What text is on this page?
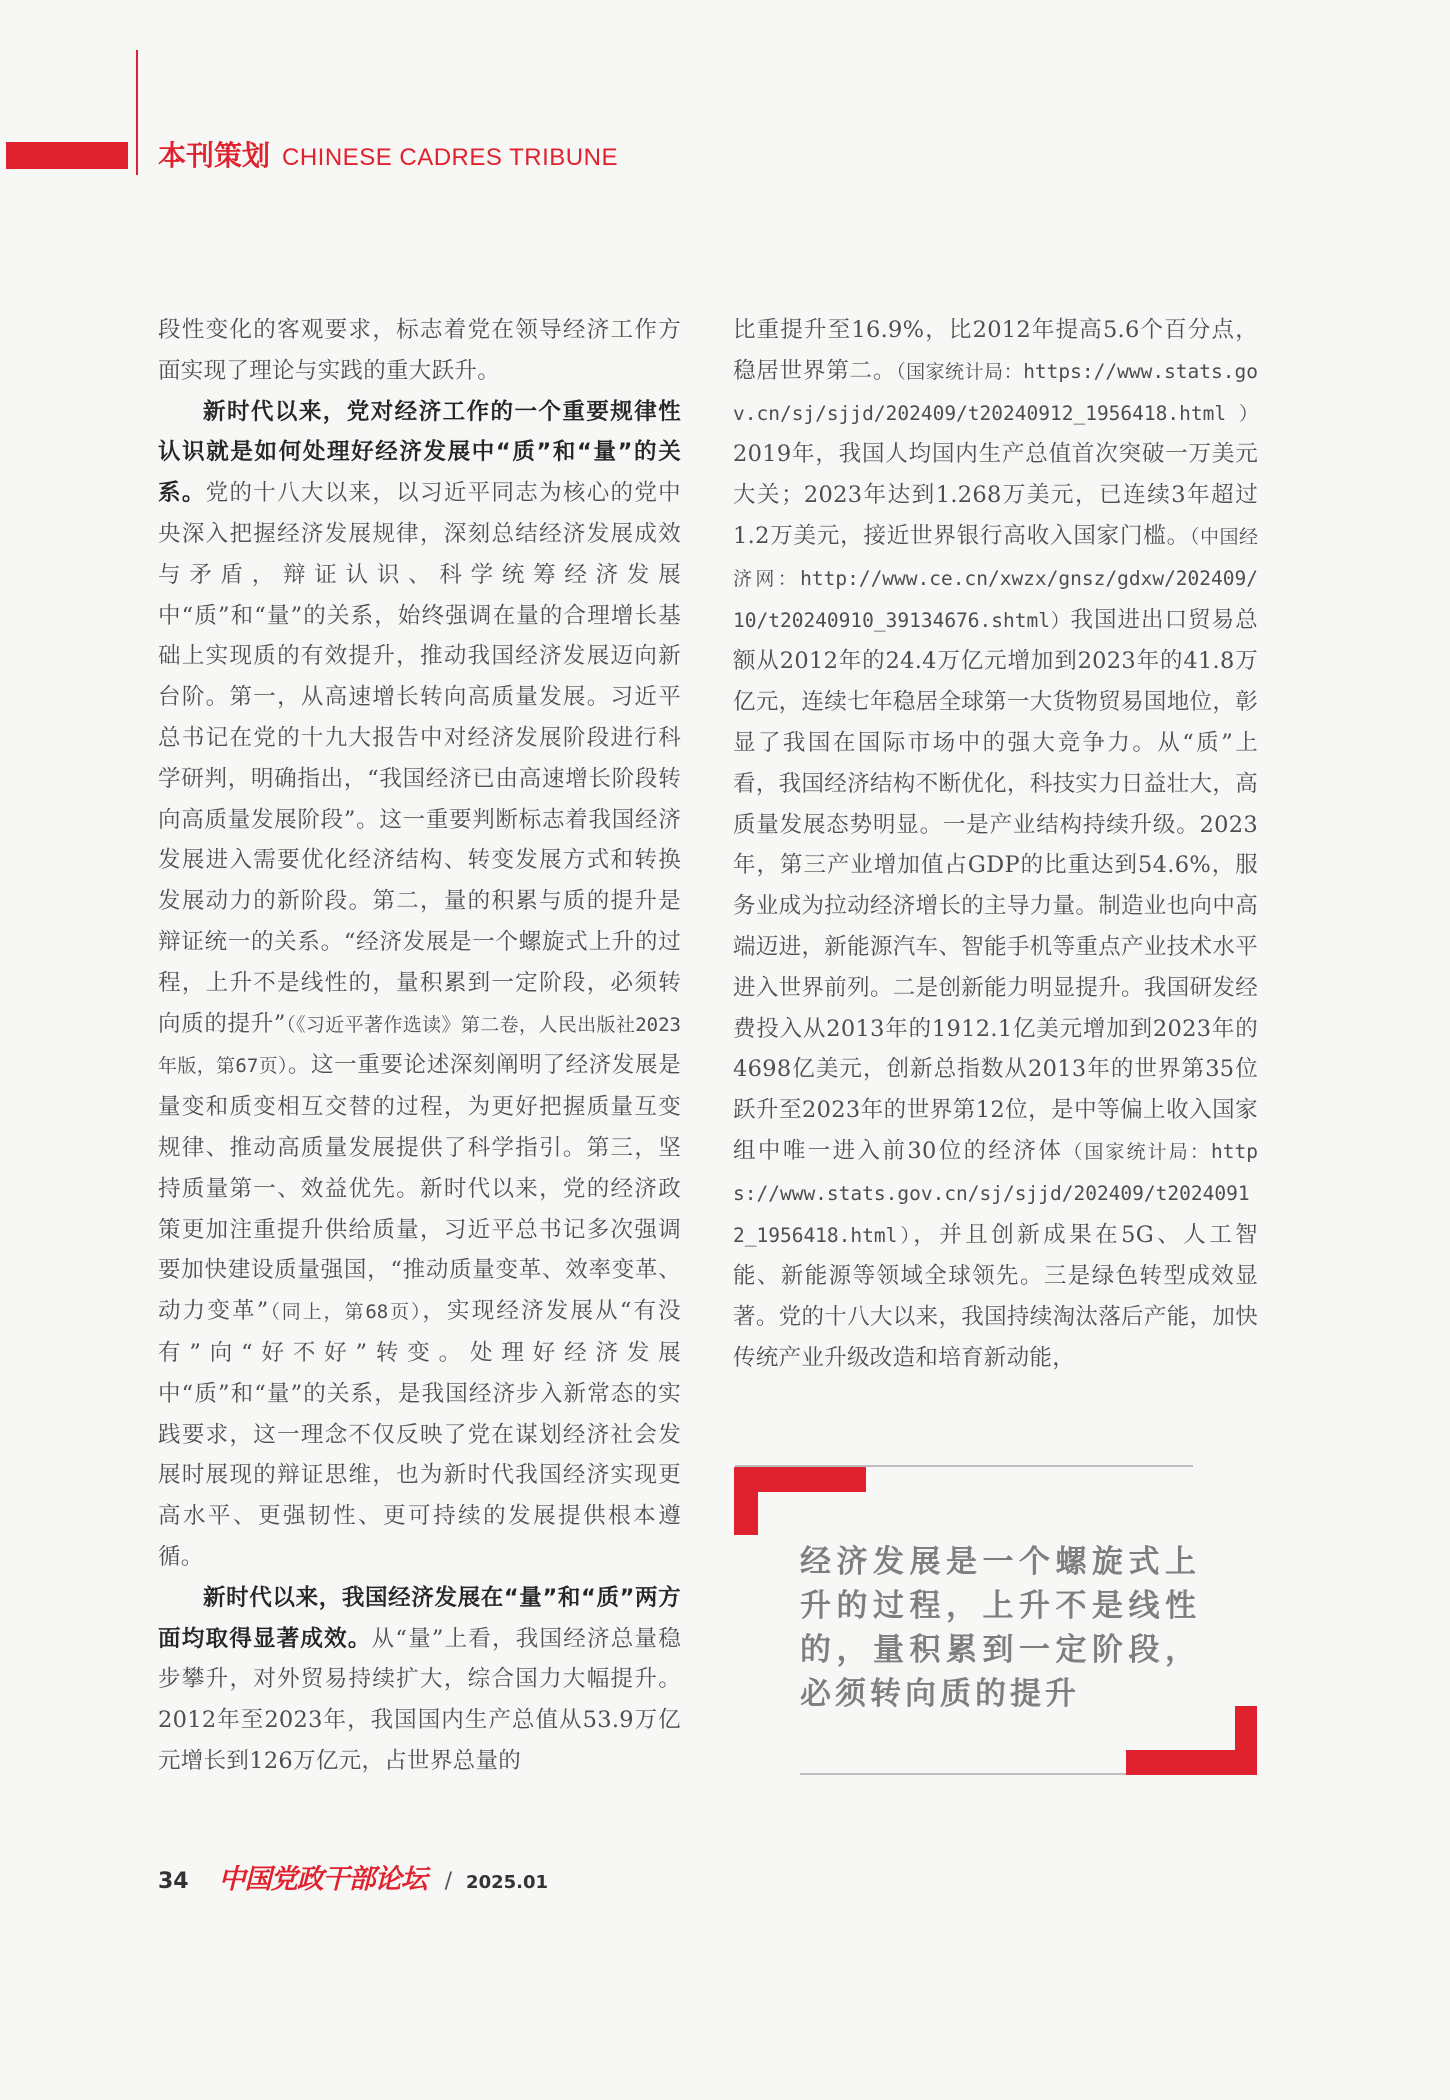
本刊策划 CHINESE CADRES TRIBUNE

段性变化的客观要求，标志着党在领导经济工作方面实现了理论与实践的重大跃升。

新时代以来，党对经济工作的一个重要规律性认识就是如何处理好经济发展中“质”和“量”的关系。党的十八大以来，以习近平同志为核心的党中央深入把握经济发展规律，深刻总结经济发展成效与矛盾，辩证认识、科学统筹经济发展中“质”和“量”的关系，始终强调在量的合理增长基础上实现质的有效提升，推动我国经济发展迈向新台阶。第一，从高速增长转向高质量发展。习近平总书记在党的十九大报告中对经济发展阶段进行科学研判，明确指出，“我国经济已由高速增长阶段转向高质量发展阶段”。这一重要判断标志着我国经济发展进入需要优化经济结构、转变发展方式和转换发展动力的新阶段。第二，量的积累与质的提升是辩证统一的关系。“经济发展是一个螺旋式上升的过程，上升不是线性的，量积累到一定阶段，必须转向质的提升”（《习近平著作选读》第二卷，人民出版社2023年版，第67页）。这一重要论述深刻阐明了经济发展是量变和质变相互交替的过程，为更好把握质量互变规律、推动高质量发展提供了科学指引。第三，坚持质量第一、效益优先。新时代以来，党的经济政策更加注重提升供给质量，习近平总书记多次强调要加快建设质量强国，“推动质量变革、效率变革、动力变革”（同上，第68页），实现经济发展从“有没有”向“好不好”转变。处理好经济发展中“质”和“量”的关系，是我国经济步入新常态的实践要求，这一理念不仅反映了党在谋划经济社会发展时展现的辩证思维，也为新时代我国经济实现更高水平、更强韧性、更可持续的发展提供根本遵循。

新时代以来，我国经济发展在“量”和“质”两方面均取得显著成效。从“量”上看，我国经济总量稳步攀升，对外贸易持续扩大，综合国力大幅提升。2012年至2023年，我国国内生产总值从53.9万亿元增长到126万亿元，占世界总量的

比重提升至16.9%，比2012年提高5.6个百分点，稳居世界第二。（国家统计局：https://www.stats.gov.cn/sj/sjjd/202409/t20240912_1956418.html）2019年，我国人均国内生产总值首次突破一万美元大关；2023年达到1.268万美元，已连续3年超过1.2万美元，接近世界银行高收入国家门槛。（中国经济网：http://www.ce.cn/xwzx/gnsz/gdxw/202409/10/t20240910_39134676.shtml）我国进出口贸易总额从2012年的24.4万亿元增加到2023年的41.8万亿元，连续七年稳居全球第一大货物贸易国地位，彰显了我国在国际市场中的强大竞争力。从“质”上看，我国经济结构不断优化，科技实力日益壮大，高质量发展态势明显。一是产业结构持续升级。2023年，第三产业增加值占GDP的比重达到54.6%，服务业成为拉动经济增长的主导力量。制造业也向中高端迈进，新能源汽车、智能手机等重点产业技术水平进入世界前列。二是创新能力明显提升。我国研发经费投入从2013年的1912.1亿美元增加到2023年的4698亿美元，创新总指数从2013年的世界第35位跃升至2023年的世界第12位，是中等偏上收入国家组中唯一进入前30位的经济体（国家统计局：https://www.stats.gov.cn/sj/sjjd/202409/t20240912_1956418.html），并且创新成果在5G、人工智能、新能源等领域全球领先。三是绿色转型成效显著。党的十八大以来，我国持续淘汰落后产能，加快传统产业升级改造和培育新动能，

经济发展是一个螺旋式上升的过程，上升不是线性的，量积累到一定阶段，必须转向质的提升
34 中国党政干部论坛 / 2025.01
